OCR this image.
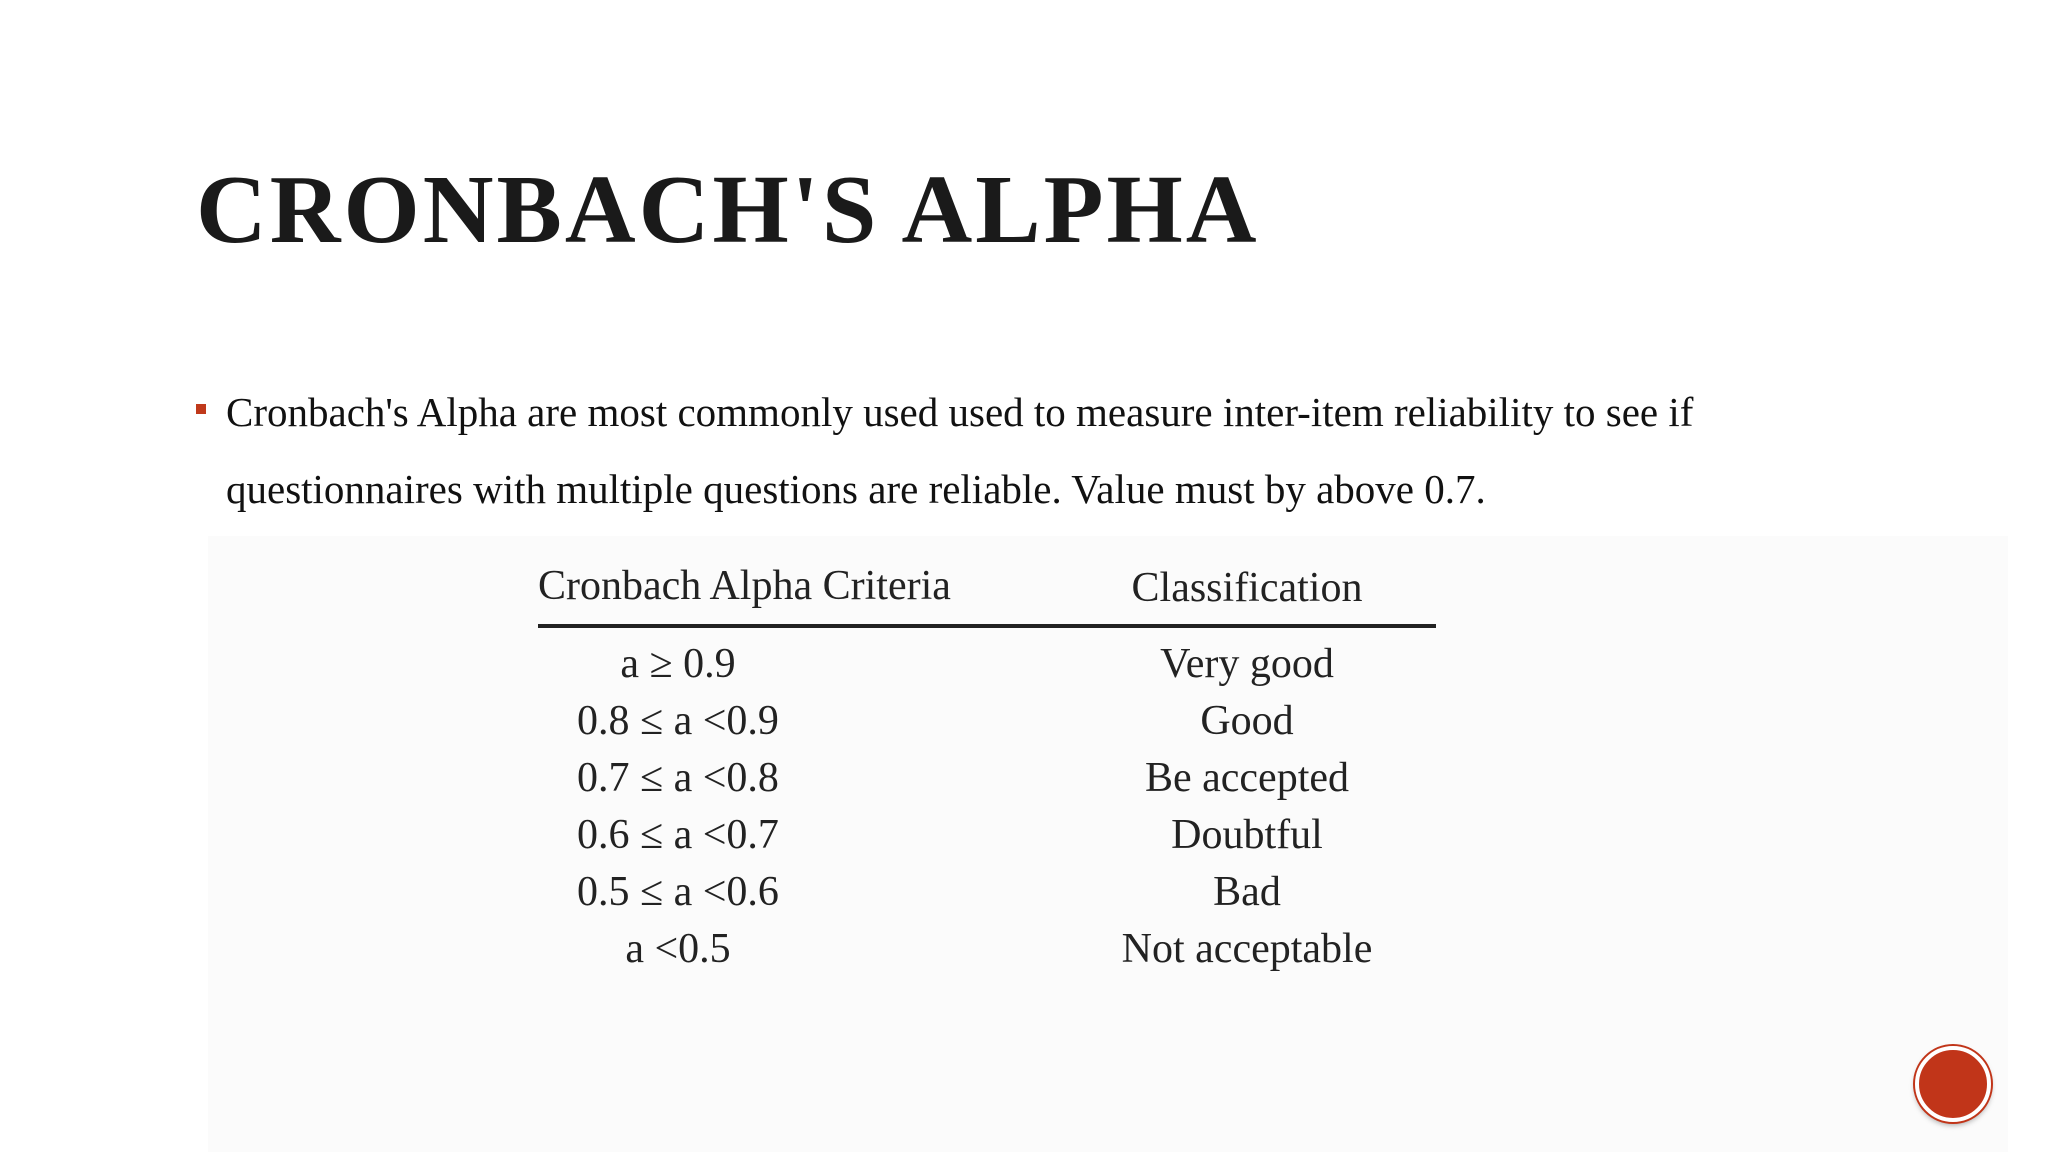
CRONBACH'S ALPHA

Cronbach's Alpha are most commonly used used to measure inter-item reliability to see if questionnaires with multiple questions are reliable. Value must by above 0.7.

Cronbach Alpha Criteria	Classification
a ≥ 0.9	Very good
0.8 ≤ a <0.9	Good
0.7 ≤ a <0.8	Be accepted
0.6 ≤ a <0.7	Doubtful
0.5 ≤ a <0.6	Bad
a <0.5	Not acceptable
